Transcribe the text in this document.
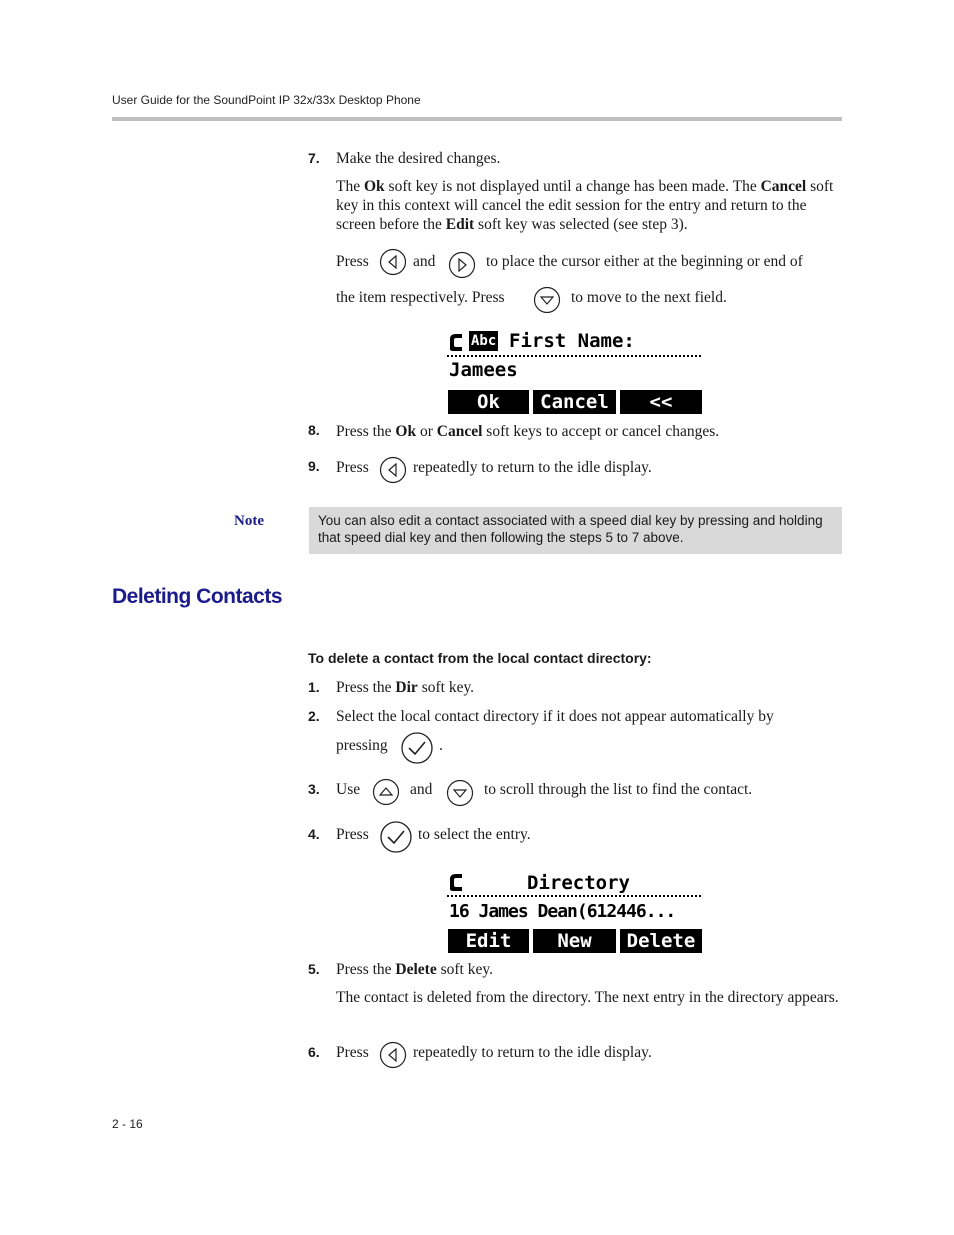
User Guide for the SoundPoint IP 32x/33x Desktop Phone
7. Make the desired changes.
The Ok soft key is not displayed until a change has been made. The Cancel soft key in this context will cancel the edit session for the entry and return to the screen before the Edit soft key was selected (see step 3).
Press	and	to place the cursor either at the beginning or end of
the item respectively. Press	to move to the next field.
Abc First Name:
Jamees
Ok	Cancel	<<
8. Press the Ok or Cancel soft keys to accept or cancel changes.
9. Press	repeatedly to return to the idle display.
Note	You can also edit a contact associated with a speed dial key by pressing and holding that speed dial key and then following the steps 5 to 7 above.
Deleting Contacts
To delete a contact from the local contact directory:
1. Press the Dir soft key.
2. Select the local contact directory if it does not appear automatically by
pressing	.
3. Use	and	to scroll through the list to find the contact.
4. Press	to select the entry.
Directory
16 James Dean(612446...
Edit	New	Delete
5. Press the Delete soft key.
The contact is deleted from the directory. The next entry in the directory appears.
6. Press	repeatedly to return to the idle display.
2 - 16
